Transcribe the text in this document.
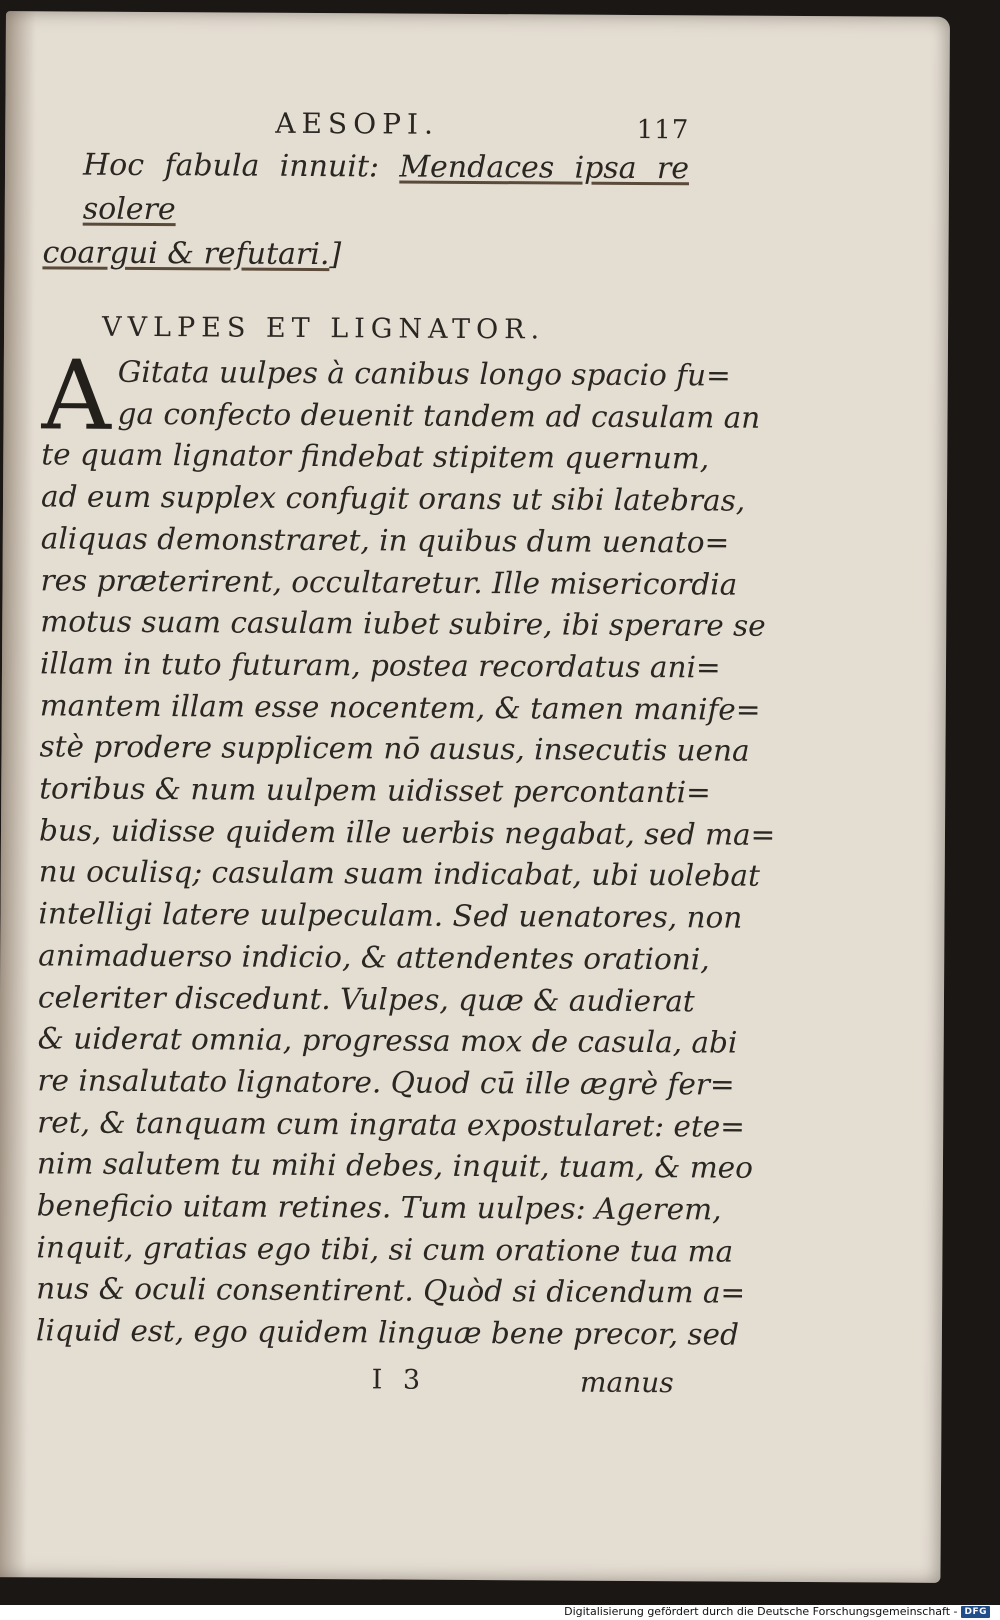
AESOPI.	117
Hoc fabula innuit: Mendaces ipsa re solere
coargui & refutari.]
VVLPES ET LIGNATOR.
A Gitata uulpes à canibus longo spacio fu=
ga confecto deuenit tandem ad casulam an
te quam lignator findebat stipitem quernum,
ad eum supplex confugit orans ut sibi latebras,
aliquas demonstraret, in quibus dum uenato=
res præterirent, occultaretur. Ille misericordia
motus suam casulam iubet subire, ibi sperare se
illam in tuto futuram, postea recordatus ani=
mantem illam esse nocentem, & tamen manife=
stè prodere supplicem nō ausus, insecutis uena
toribus & num uulpem uidisset percontanti=
bus, uidisse quidem ille uerbis negabat, sed ma=
nu oculisq; casulam suam indicabat, ubi uolebat
intelligi latere uulpeculam. Sed uenatores, non
animaduerso indicio, & attendentes orationi,
celeriter discedunt. Vulpes, quæ & audierat
& uiderat omnia, progressa mox de casula, abi
re insalutato lignatore. Quod cū ille ægrè fer=
ret, & tanquam cum ingrata expostularet: ete=
nim salutem tu mihi debes, inquit, tuam, & meo
beneficio uitam retines. Tum uulpes: Agerem,
inquit, gratias ego tibi, si cum oratione tua ma
nus & oculi consentirent. Quòd si dicendum a=
liquid est, ego quidem linguæ bene precor, sed
I 3	manus
Digitalisierung gefördert durch die Deutsche Forschungsgemeinschaft - DFG
